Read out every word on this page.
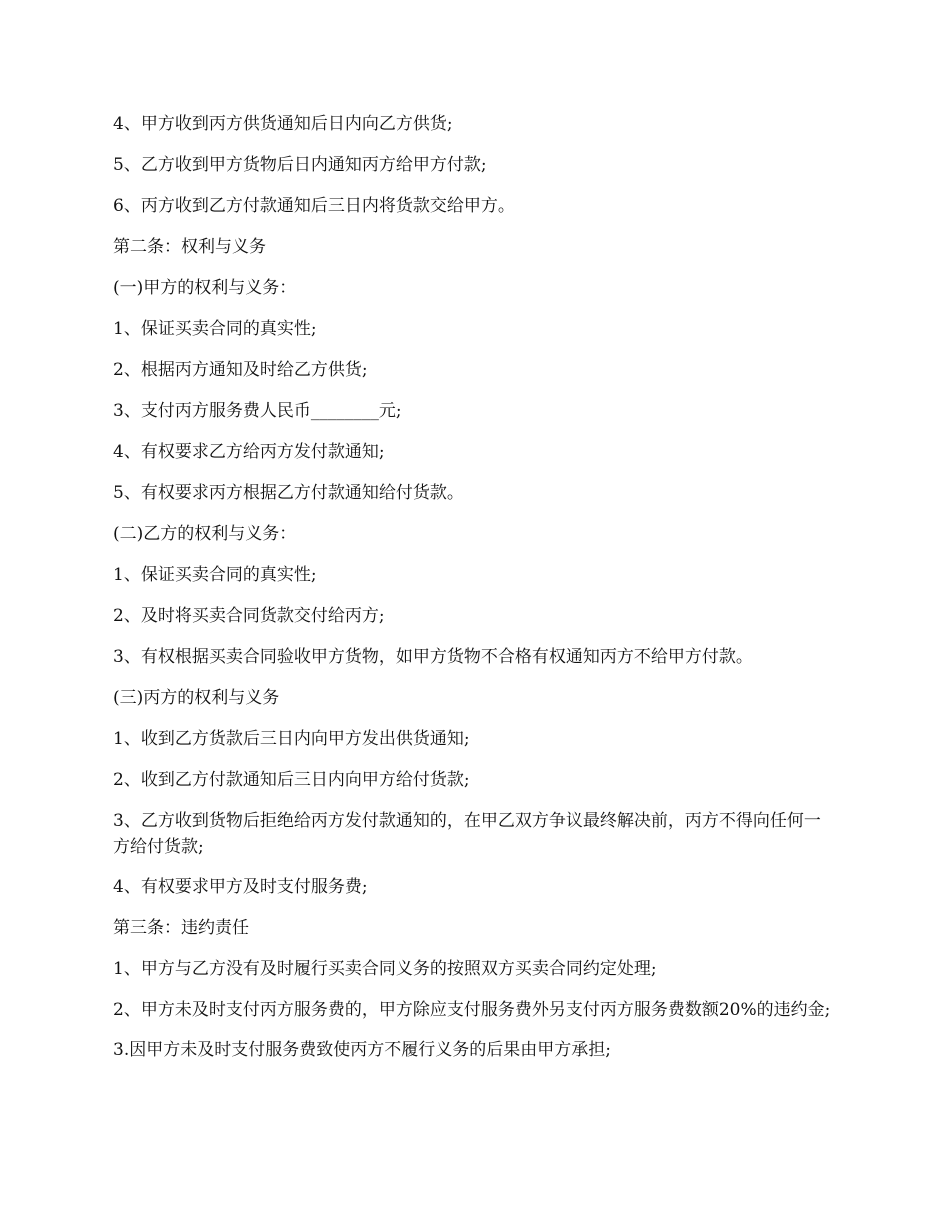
4、甲方收到丙方供货通知后日内向乙方供货;

5、乙方收到甲方货物后日内通知丙方给甲方付款;

6、丙方收到乙方付款通知后三日内将货款交给甲方。

第二条：权利与义务

(一)甲方的权利与义务：

1、保证买卖合同的真实性;

2、根据丙方通知及时给乙方供货;

3、支付丙方服务费人民币________元;

4、有权要求乙方给丙方发付款通知;

5、有权要求丙方根据乙方付款通知给付货款。

(二)乙方的权利与义务：

1、保证买卖合同的真实性;

2、及时将买卖合同货款交付给丙方;

3、有权根据买卖合同验收甲方货物，如甲方货物不合格有权通知丙方不给甲方付款。

(三)丙方的权利与义务

1、收到乙方货款后三日内向甲方发出供货通知;

2、收到乙方付款通知后三日内向甲方给付货款;

3、乙方收到货物后拒绝给丙方发付款通知的，在甲乙双方争议最终解决前，丙方不得向任何一方给付货款;

4、有权要求甲方及时支付服务费;

第三条：违约责任

1、甲方与乙方没有及时履行买卖合同义务的按照双方买卖合同约定处理;

2、甲方未及时支付丙方服务费的，甲方除应支付服务费外另支付丙方服务费数额20%的违约金;

3.因甲方未及时支付服务费致使丙方不履行义务的后果由甲方承担;
